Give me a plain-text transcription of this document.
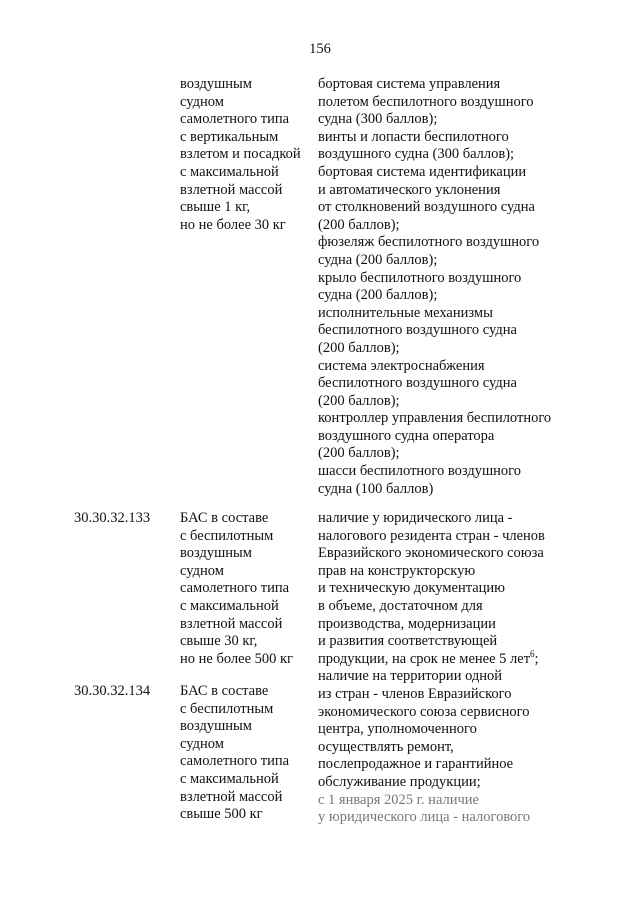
156
воздушным
судном
самолетного типа
с вертикальным
взлетом и посадкой
с максимальной
взлетной массой
свыше 1 кг,
но не более 30 кг
бортовая система управления
полетом беспилотного воздушного
судна (300 баллов);
винты и лопасти беспилотного
воздушного судна (300 баллов);
бортовая система идентификации
и автоматического уклонения
от столкновений воздушного судна
(200 баллов);
фюзеляж беспилотного воздушного
судна (200 баллов);
крыло беспилотного воздушного
судна (200 баллов);
исполнительные механизмы
беспилотного воздушного судна
(200 баллов);
система электроснабжения
беспилотного воздушного судна
(200 баллов);
контроллер управления беспилотного
воздушного судна оператора
(200 баллов);
шасси беспилотного воздушного
судна (100 баллов)
30.30.32.133	БАС в составе
с беспилотным
воздушным
судном
самолетного типа
с максимальной
взлетной массой
свыше 30 кг,
но не более 500 кг
наличие у юридического лица -
налогового резидента стран - членов
Евразийского экономического союза
прав на конструкторскую
и техническую документацию
в объеме, достаточном для
производства, модернизации
и развития соответствующей
продукции, на срок не менее 5 лет$^6$;
наличие на территории одной
из стран - членов Евразийского
экономического союза сервисного
центра, уполномоченного
осуществлять ремонт,
послепродажное и гарантийное
обслуживание продукции;
с 1 января 2025 г. наличие
у юридического лица - налогового
30.30.32.134	БАС в составе
с беспилотным
воздушным
судном
самолетного типа
с максимальной
взлетной массой
свыше 500 кг
